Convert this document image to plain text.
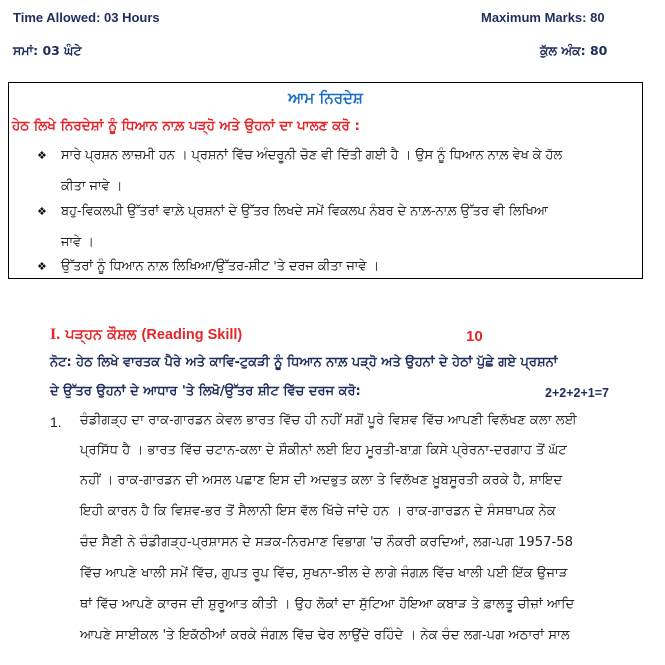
Time Allowed: 03 Hours	Maximum Marks: 80
ਸਮਾਂ: 03 ਘੰਟੇ	ਕੁੱਲ ਅੰਕ: 80
ਆਮ ਨਿਰਦੇਸ਼
ਹੇਠ ਲਿਖੇ ਨਿਰਦੇਸ਼ਾਂ ਨੂੰ ਧਿਆਨ ਨਾਲ਼ ਪੜ੍ਹੋ ਅਤੇ ਉਹਨਾਂ ਦਾ ਪਾਲਣ ਕਰੋ :
❖	ਸਾਰੇ ਪ੍ਰਸ਼ਨ ਲਾਜ਼ਮੀ ਹਨ । ਪ੍ਰਸ਼ਨਾਂ ਵਿੱਚ ਅੰਦਰੂਨੀ ਚੋਣ ਵੀ ਦਿੱਤੀ ਗਈ ਹੈ । ਉਸ ਨੂੰ ਧਿਆਨ ਨਾਲ਼ ਵੇਖ ਕੇ ਹੱਲ
ਕੀਤਾ ਜਾਵੇ ।
❖	ਬਹੁ-ਵਿਕਲਪੀ ਉੱਤਰਾਂ ਵਾਲ਼ੇ ਪ੍ਰਸ਼ਨਾਂ ਦੇ ਉੱਤਰ ਲਿਖਦੇ ਸਮੇਂ ਵਿਕਲਪ ਨੰਬਰ ਦੇ ਨਾਲ਼-ਨਾਲ਼ ਉੱਤਰ ਵੀ ਲਿਖਿਆ
ਜਾਵੇ ।
❖	ਉੱਤਰਾਂ ਨੂੰ ਧਿਆਨ ਨਾਲ਼ ਲਿਖਿਆ/ਉੱਤਰ-ਸ਼ੀਟ 'ਤੇ ਦਰਜ ਕੀਤਾ ਜਾਵੇ ।
I. ਪੜ੍ਹਨ ਕੌਸ਼ਲ (Reading Skill)	10
ਨੋਟ: ਹੇਠ ਲਿਖੇ ਵਾਰਤਕ ਪੈਰੇ ਅਤੇ ਕਾਵਿ-ਟੁਕੜੀ ਨੂੰ ਧਿਆਨ ਨਾਲ਼ ਪੜ੍ਹੋ ਅਤੇ ਉਹਨਾਂ ਦੇ ਹੇਠਾਂ ਪੁੱਛੇ ਗਏ ਪ੍ਰਸ਼ਨਾਂ
ਦੇ ਉੱਤਰ ਉਹਨਾਂ ਦੇ ਆਧਾਰ 'ਤੇ ਲਿਖੋ/ਉੱਤਰ ਸ਼ੀਟ ਵਿੱਚ ਦਰਜ ਕਰੋ:	2+2+2+1=7
1. ਚੰਡੀਗੜ੍ਹ ਦਾ ਰਾਕ-ਗਾਰਡਨ ਕੇਵਲ ਭਾਰਤ ਵਿੱਚ ਹੀ ਨਹੀਂ ਸਗੋਂ ਪੂਰੇ ਵਿਸ਼ਵ ਵਿੱਚ ਆਪਣੀ ਵਿਲੱਖਣ ਕਲਾ ਲਈ
ਪ੍ਰਸਿੱਧ ਹੈ । ਭਾਰਤ ਵਿੱਚ ਚਟਾਨ-ਕਲਾ ਦੇ ਸ਼ੌਕੀਨਾਂ ਲਈ ਇਹ ਮੂਰਤੀ-ਬਾਗ਼ ਕਿਸੇ ਪ੍ਰੇਰਨਾ-ਦਰਗਾਹ ਤੋਂ ਘੱਟ
ਨਹੀਂ । ਰਾਕ-ਗਾਰਡਨ ਦੀ ਅਸਲ ਪਛਾਣ ਇਸ ਦੀ ਅਦਭੁਤ ਕਲਾ ਤੇ ਵਿਲੱਖਣ ਖ਼ੂਬਸੂਰਤੀ ਕਰਕੇ ਹੈ, ਸ਼ਾਇਦ
ਇਹੀ ਕਾਰਨ ਹੈ ਕਿ ਵਿਸ਼ਵ-ਭਰ ਤੋਂ ਸੈਲਾਨੀ ਇਸ ਵੱਲ ਖਿੱਚੇ ਜਾਂਦੇ ਹਨ । ਰਾਕ-ਗਾਰਡਨ ਦੇ ਸੰਸਥਾਪਕ ਨੇਕ
ਚੰਦ ਸੈਣੀ ਨੇ ਚੰਡੀਗੜ੍ਹ-ਪ੍ਰਸ਼ਾਸਨ ਦੇ ਸੜਕ-ਨਿਰਮਾਣ ਵਿਭਾਗ 'ਚ ਨੌਕਰੀ ਕਰਦਿਆਂ, ਲਗ-ਪਗ 1957-58
ਵਿੱਚ ਆਪਣੇ ਖਾਲੀ ਸਮੇਂ ਵਿੱਚ, ਗੁਪਤ ਰੂਪ ਵਿੱਚ, ਸੁਖਨਾ-ਝੀਲ ਦੇ ਲਾਗੇ ਜੰਗਲ਼ ਵਿੱਚ ਖਾਲੀ ਪਈ ਇੱਕ ਉਜਾੜ
ਥਾਂ ਵਿੱਚ ਆਪਣੇ ਕਾਰਜ ਦੀ ਸ਼ੁਰੂਆਤ ਕੀਤੀ । ਉਹ ਲੋਕਾਂ ਦਾ ਸੁੱਟਿਆ ਹੋਇਆ ਕਬਾੜ ਤੇ ਫ਼ਾਲਤੂ ਚੀਜ਼ਾਂ ਆਦਿ
ਆਪਣੇ ਸਾਈਕਲ 'ਤੇ ਇਕੱਠੀਆਂ ਕਰਕੇ ਜੰਗਲ਼ ਵਿੱਚ ਢੇਰ ਲਾਉਂਦੇ ਰਹਿੰਦੇ । ਨੇਕ ਚੰਦ ਲਗ-ਪਗ ਅਠਾਰਾਂ ਸਾਲ
